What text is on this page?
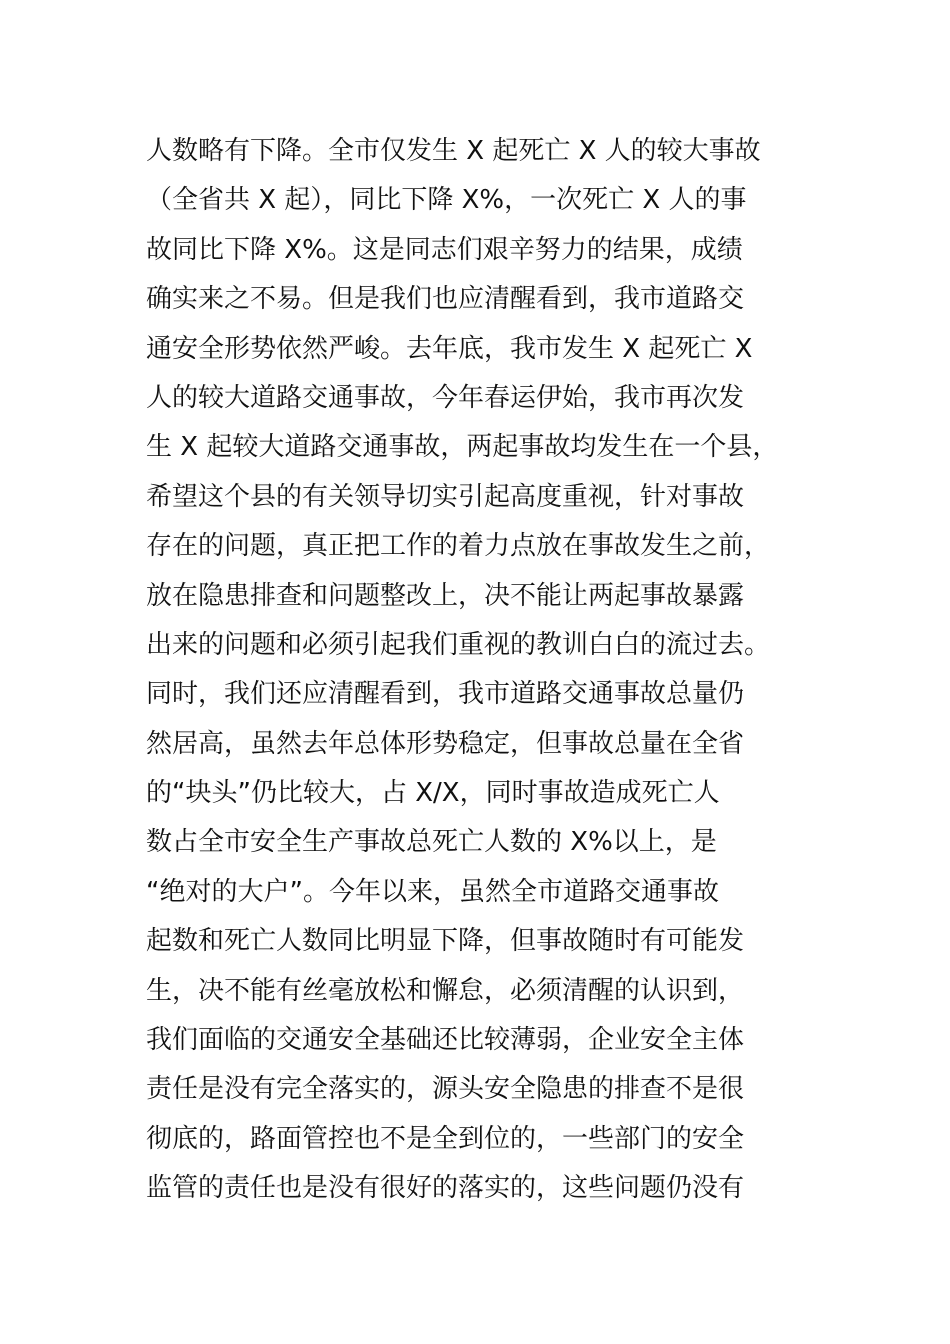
人数略有下降。全市仅发生 X 起死亡 X 人的较大事故
（全省共 X 起），同比下降 X%，一次死亡 X 人的事
故同比下降 X%。这是同志们艰辛努力的结果，成绩
确实来之不易。但是我们也应清醒看到，我市道路交
通安全形势依然严峻。去年底，我市发生 X 起死亡 X
人的较大道路交通事故，今年春运伊始，我市再次发
生 X 起较大道路交通事故，两起事故均发生在一个县，
希望这个县的有关领导切实引起高度重视，针对事故
存在的问题，真正把工作的着力点放在事故发生之前，
放在隐患排查和问题整改上，决不能让两起事故暴露
出来的问题和必须引起我们重视的教训白白的流过去。
同时，我们还应清醒看到，我市道路交通事故总量仍
然居高，虽然去年总体形势稳定，但事故总量在全省
的“块头”仍比较大，占 X/X，同时事故造成死亡人
数占全市安全生产事故总死亡人数的 X%以上，是
“绝对的大户”。今年以来，虽然全市道路交通事故
起数和死亡人数同比明显下降，但事故随时有可能发
生，决不能有丝毫放松和懈怠，必须清醒的认识到，
我们面临的交通安全基础还比较薄弱，企业安全主体
责任是没有完全落实的，源头安全隐患的排查不是很
彻底的，路面管控也不是全到位的，一些部门的安全
监管的责任也是没有很好的落实的，这些问题仍没有
